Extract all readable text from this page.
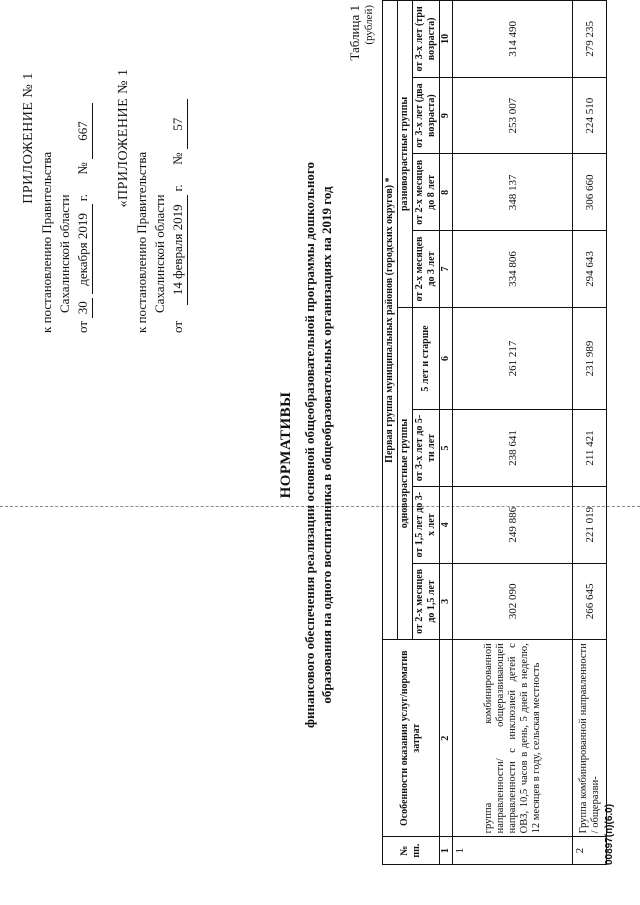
ПРИЛОЖЕНИЕ № 1
к постановлению Правительства Сахалинской области
от 30 декабря 2019 г.      № 667 «ПРИЛОЖЕНИЕ № 1
к постановлению Правительства Сахалинской области
от     14 февраля 2019 г.      № 57
НОРМАТИВЫ финансового обеспечения реализации основной общеобразовательной программы дошкольного образования на одного воспитанника в общеобразовательных организациях на 2019 год
Таблица 1 (рублей)
№ пп.	Особенности оказания услуг/норматив затрат	Первая группа муниципальных районов (городских округов) *							
		одновозрастные группы				разновозрастные группы			
		от 2-х месяцев до 1,5 лет	от 1,5 лет до 3-х лет	от 3-х лет до 5-ти лет	5 лет и старше	от 2-х месяцев до 3 лет	от 2-х месяцев до 8 лет	от 3-х лет (два возраста)	от 3-х лет (три возраста)
1	2	3	4	5	6	7	8	9	10
1	группа комбинированной направленности/ общеразвивающей направленности с инклюзией детей с ОВЗ, 10,5 часов в день, 5 дней в неделю, 12 месяцев в году, сельская местность	302 090	249 886	238 641	261 217	334 806	348 137	253 007	314 490
2	Группа комбинированной направленности / общеразви-	266 645	221 019	211 421	231 989	294 643	306 660	224 510	279 235
00897(п)(6.0)
